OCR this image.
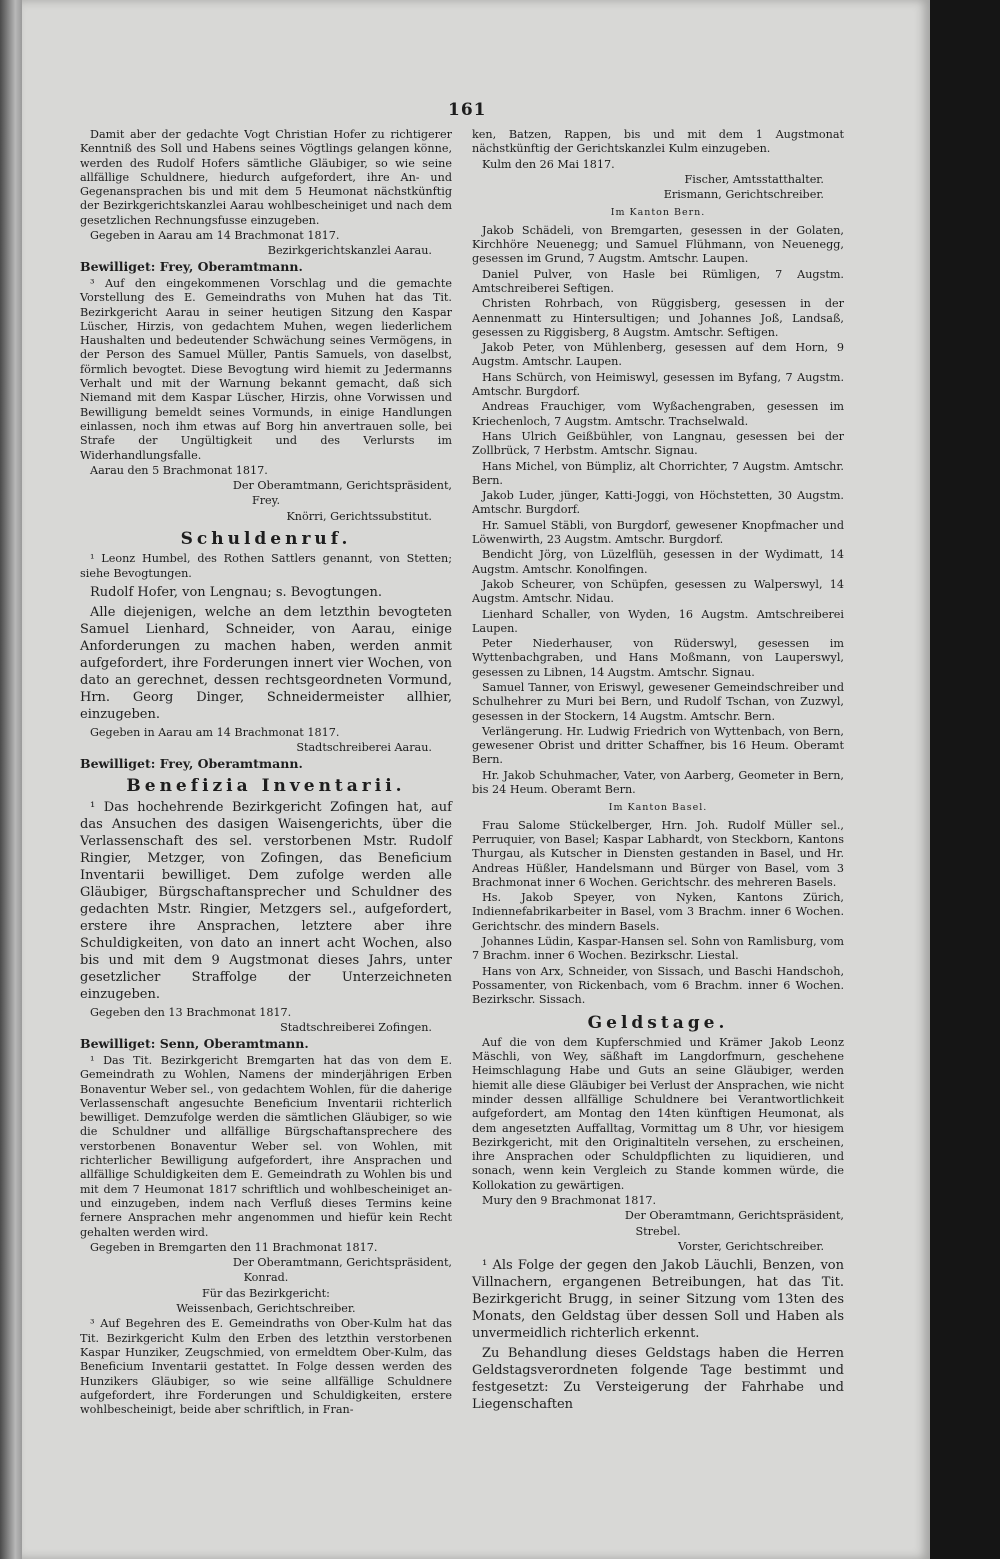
161

Damit aber der gedachte Vogt Christian Hofer zu richtigerer Kenntniß des Soll und Habens seines Vögtlings gelangen könne, werden des Rudolf Hofers sämtliche Gläubiger, so wie seine allfällige Schuldnere, hiedurch aufgefordert, ihre An- und Gegenansprachen bis und mit dem 5 Heumonat nächstkünftig der Bezirkgerichtskanzlei Aarau wohlbescheiniget und nach dem gesetzlichen Rechnungsfusse einzugeben.

Gegeben in Aarau am 14 Brachmonat 1817.

Bezirkgerichtskanzlei Aarau.

Bewilliget: Frey, Oberamtmann.

³ Auf den eingekommenen Vorschlag und die gemachte Vorstellung des E. Gemeindraths von Muhen hat das Tit. Bezirkgericht Aarau in seiner heutigen Sitzung den Kaspar Lüscher, Hirzis, von gedachtem Muhen, wegen liederlichem Haushalten und bedeutender Schwächung seines Vermögens, in der Person des Samuel Müller, Pantis Samuels, von daselbst, förmlich bevogtet. Diese Bevogtung wird hiemit zu Jedermanns Verhalt und mit der Warnung bekannt gemacht, daß sich Niemand mit dem Kaspar Lüscher, Hirzis, ohne Vorwissen und Bewilligung bemeldt seines Vormunds, in einige Handlungen einlassen, noch ihm etwas auf Borg hin anvertrauen solle, bei Strafe der Ungültigkeit und des Verlursts im Widerhandlungsfalle.

Aarau den 5 Brachmonat 1817.

Der Oberamtmann, Gerichtspräsident,

Frey.

Knörri, Gerichtssubstitut.

Schuldenruf.

¹ Leonz Humbel, des Rothen Sattlers genannt, von Stetten; siehe Bevogtungen.

Rudolf Hofer, von Lengnau; s. Bevogtungen.

Alle diejenigen, welche an dem letzthin bevogteten Samuel Lienhard, Schneider, von Aarau, einige Anforderungen zu machen haben, werden anmit aufgefordert, ihre Forderungen innert vier Wochen, von dato an gerechnet, dessen rechtsgeordneten Vormund, Hrn. Georg Dinger, Schneidermeister allhier, einzugeben.

Gegeben in Aarau am 14 Brachmonat 1817.

Stadtschreiberei Aarau.

Bewilliget: Frey, Oberamtmann.

Benefizia Inventarii.

¹ Das hochehrende Bezirkgericht Zofingen hat, auf das Ansuchen des dasigen Waisengerichts, über die Verlassenschaft des sel. verstorbenen Mstr. Rudolf Ringier, Metzger, von Zofingen, das Beneficium Inventarii bewilliget. Dem zufolge werden alle Gläubiger, Bürgschaftansprecher und Schuldner des gedachten Mstr. Ringier, Metzgers sel., aufgefordert, erstere ihre Ansprachen, letztere aber ihre Schuldigkeiten, von dato an innert acht Wochen, also bis und mit dem 9 Augstmonat dieses Jahrs, unter gesetzlicher Straffolge der Unterzeichneten einzugeben.

Gegeben den 13 Brachmonat 1817.

Stadtschreiberei Zofingen.

Bewilliget: Senn, Oberamtmann.

¹ Das Tit. Bezirkgericht Bremgarten hat das von dem E. Gemeindrath zu Wohlen, Namens der minderjährigen Erben Bonaventur Weber sel., von gedachtem Wohlen, für die daherige Verlassenschaft angesuchte Beneficium Inventarii richterlich bewilliget. Demzufolge werden die sämtlichen Gläubiger, so wie die Schuldner und allfällige Bürgschaftansprechere des verstorbenen Bonaventur Weber sel. von Wohlen, mit richterlicher Bewilligung aufgefordert, ihre Ansprachen und allfällige Schuldigkeiten dem E. Gemeindrath zu Wohlen bis und mit dem 7 Heumonat 1817 schriftlich und wohlbescheiniget an- und einzugeben, indem nach Verfluß dieses Termins keine fernere Ansprachen mehr angenommen und hiefür kein Recht gehalten werden wird.

Gegeben in Bremgarten den 11 Brachmonat 1817.

Der Oberamtmann, Gerichtspräsident,

Konrad.

Für das Bezirkgericht:

Weissenbach, Gerichtschreiber.

³ Auf Begehren des E. Gemeindraths von Ober-Kulm hat das Tit. Bezirkgericht Kulm den Erben des letzthin verstorbenen Kaspar Hunziker, Zeugschmied, von ermeldtem Ober-Kulm, das Beneficium Inventarii gestattet. In Folge dessen werden des Hunzikers Gläubiger, so wie seine allfällige Schuldnere aufgefordert, ihre Forderungen und Schuldigkeiten, erstere wohlbescheinigt, beide aber schriftlich, in Fran-

ken, Batzen, Rappen, bis und mit dem 1 Augstmonat nächstkünftig der Gerichtskanzlei Kulm einzugeben.

Kulm den 26 Mai 1817.

Fischer, Amtsstatthalter.

Erismann, Gerichtschreiber.

Im Kanton Bern.

Jakob Schädeli, von Bremgarten, gesessen in der Golaten, Kirchhöre Neuenegg; und Samuel Flühmann, von Neuenegg, gesessen im Grund, 7 Augstm. Amtschr. Laupen.

Daniel Pulver, von Hasle bei Rümligen, 7 Augstm. Amtschreiberei Seftigen.

Christen Rohrbach, von Rüggisberg, gesessen in der Aennenmatt zu Hintersultigen; und Johannes Joß, Landsaß, gesessen zu Riggisberg, 8 Augstm. Amtschr. Seftigen.

Jakob Peter, von Mühlenberg, gesessen auf dem Horn, 9 Augstm. Amtschr. Laupen.

Hans Schürch, von Heimiswyl, gesessen im Byfang, 7 Augstm. Amtschr. Burgdorf.

Andreas Frauchiger, vom Wyßachengraben, gesessen im Kriechenloch, 7 Augstm. Amtschr. Trachselwald.

Hans Ulrich Geißbühler, von Langnau, gesessen bei der Zollbrück, 7 Herbstm. Amtschr. Signau.

Hans Michel, von Bümpliz, alt Chorrichter, 7 Augstm. Amtschr. Bern.

Jakob Luder, jünger, Katti-Joggi, von Höchstetten, 30 Augstm. Amtschr. Burgdorf.

Hr. Samuel Stäbli, von Burgdorf, gewesener Knopfmacher und Löwenwirth, 23 Augstm. Amtschr. Burgdorf.

Bendicht Jörg, von Lüzelflüh, gesessen in der Wydimatt, 14 Augstm. Amtschr. Konolfingen.

Jakob Scheurer, von Schüpfen, gesessen zu Walperswyl, 14 Augstm. Amtschr. Nidau.

Lienhard Schaller, von Wyden, 16 Augstm. Amtschreiberei Laupen.

Peter Niederhauser, von Rüderswyl, gesessen im Wyttenbachgraben, und Hans Moßmann, von Lauperswyl, gesessen zu Libnen, 14 Augstm. Amtschr. Signau.

Samuel Tanner, von Eriswyl, gewesener Gemeindschreiber und Schulhehrer zu Muri bei Bern, und Rudolf Tschan, von Zuzwyl, gesessen in der Stockern, 14 Augstm. Amtschr. Bern.

Verlängerung. Hr. Ludwig Friedrich von Wyttenbach, von Bern, gewesener Obrist und dritter Schaffner, bis 16 Heum. Oberamt Bern.

Hr. Jakob Schuhmacher, Vater, von Aarberg, Geometer in Bern, bis 24 Heum. Oberamt Bern.

Im Kanton Basel.

Frau Salome Stückelberger, Hrn. Joh. Rudolf Müller sel., Perruquier, von Basel; Kaspar Labhardt, von Steckborn, Kantons Thurgau, als Kutscher in Diensten gestanden in Basel, und Hr. Andreas Hüßler, Handelsmann und Bürger von Basel, vom 3 Brachmonat inner 6 Wochen. Gerichtschr. des mehreren Basels.

Hs. Jakob Speyer, von Nyken, Kantons Zürich, Indiennefabrikarbeiter in Basel, vom 3 Brachm. inner 6 Wochen. Gerichtschr. des mindern Basels.

Johannes Lüdin, Kaspar-Hansen sel. Sohn von Ramlisburg, vom 7 Brachm. inner 6 Wochen. Bezirkschr. Liestal.

Hans von Arx, Schneider, von Sissach, und Baschi Handschoh, Possamenter, von Rickenbach, vom 6 Brachm. inner 6 Wochen. Bezirkschr. Sissach.

Geldstage.

Auf die von dem Kupferschmied und Krämer Jakob Leonz Mäschli, von Wey, säßhaft im Langdorfmurn, geschehene Heimschlagung Habe und Guts an seine Gläubiger, werden hiemit alle diese Gläubiger bei Verlust der Ansprachen, wie nicht minder dessen allfällige Schuldnere bei Verantwortlichkeit aufgefordert, am Montag den 14ten künftigen Heumonat, als dem angesetzten Auffalltag, Vormittag um 8 Uhr, vor hiesigem Bezirkgericht, mit den Originaltiteln versehen, zu erscheinen, ihre Ansprachen oder Schuldpflichten zu liquidieren, und sonach, wenn kein Vergleich zu Stande kommen würde, die Kollokation zu gewärtigen.

Mury den 9 Brachmonat 1817.

Der Oberamtmann, Gerichtspräsident,

Strebel.

Vorster, Gerichtschreiber.

¹ Als Folge der gegen den Jakob Läuchli, Benzen, von Villnachern, ergangenen Betreibungen, hat das Tit. Bezirkgericht Brugg, in seiner Sitzung vom 13ten des Monats, den Geldstag über dessen Soll und Haben als unvermeidlich richterlich erkennt.

Zu Behandlung dieses Geldstags haben die Herren Geldstagsverordneten folgende Tage bestimmt und festgesetzt: Zu Versteigerung der Fahrhabe und Liegenschaften
